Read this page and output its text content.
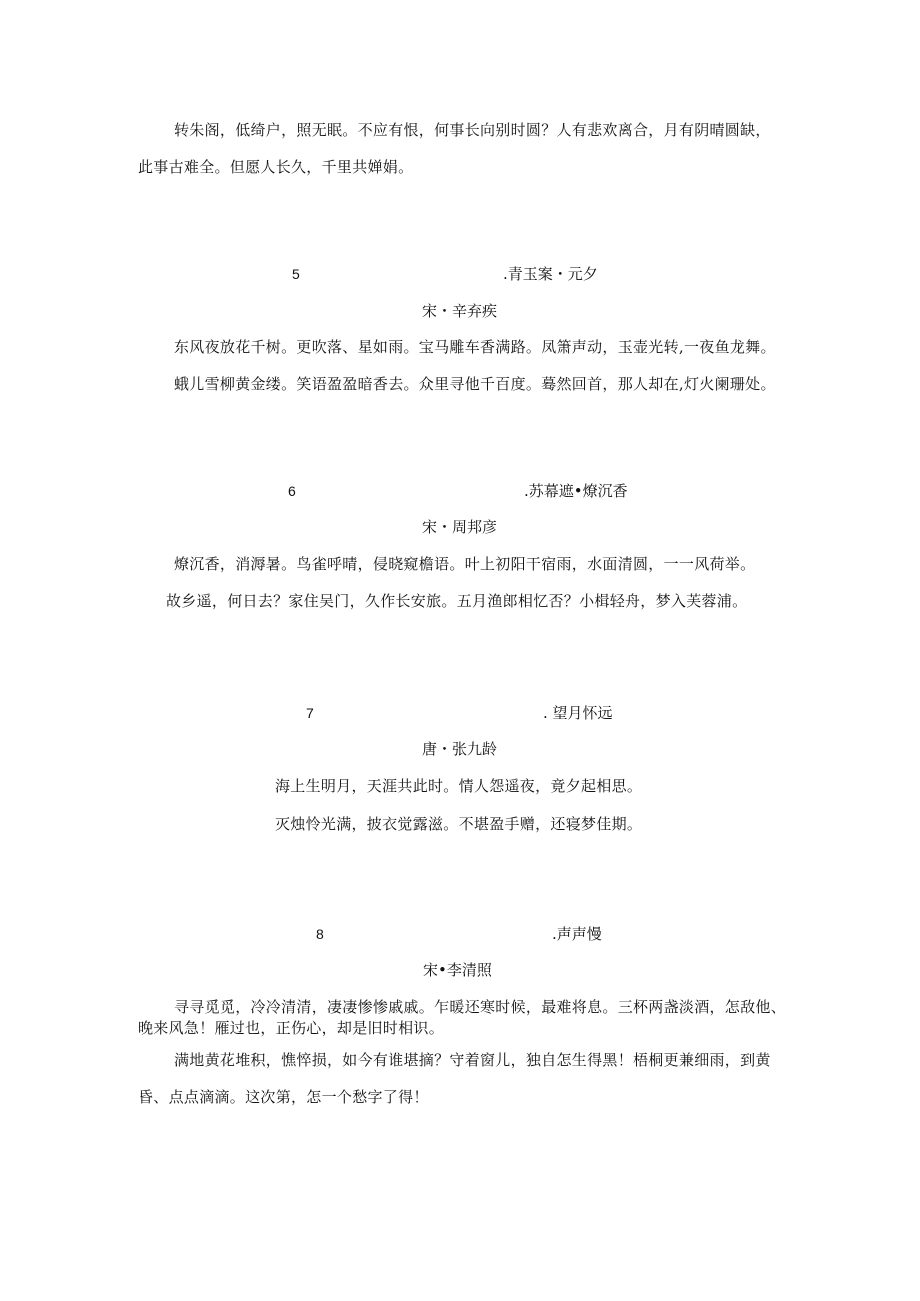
转朱阁，低绮户，照无眠。不应有恨，何事长向别时圆？人有悲欢离合，月有阴晴圆缺，
此事古难全。但愿人长久，千里共婵娟。
5	.青玉案・元夕
宋・辛弃疾
东风夜放花千树。更吹落、星如雨。宝马雕车香满路。凤箫声动，玉壶光转,一夜鱼龙舞。
蛾儿雪柳黄金缕。笑语盈盈暗香去。众里寻他千百度。蓦然回首，那人却在,灯火阑珊处。
6	.苏幕遮•燎沉香
宋・周邦彦
燎沉香，消溽暑。鸟雀呼晴，侵晓窥檐语。叶上初阳干宿雨，水面清圆，一一风荷举。
故乡遥，何日去？家住吴门，久作长安旅。五月渔郎相忆否？小楫轻舟，梦入芙蓉浦。
7	. 望月怀远
唐・张九龄
海上生明月，天涯共此时。情人怨遥夜，竟夕起相思。
灭烛怜光满，披衣觉露滋。不堪盈手赠，还寝梦佳期。
8	.声声慢
宋•李清照
寻寻觅觅，冷冷清清，凄凄惨惨戚戚。乍暖还寒时候，最难将息。三杯两盏淡酒，怎敌他、
晚来风急！雁过也，正伤心，却是旧时相识。
满地黄花堆积，憔悴损，如今有谁堪摘？守着窗儿，独自怎生得黑！梧桐更兼细雨，到黄
昏、点点滴滴。这次第，怎一个愁字了得！
